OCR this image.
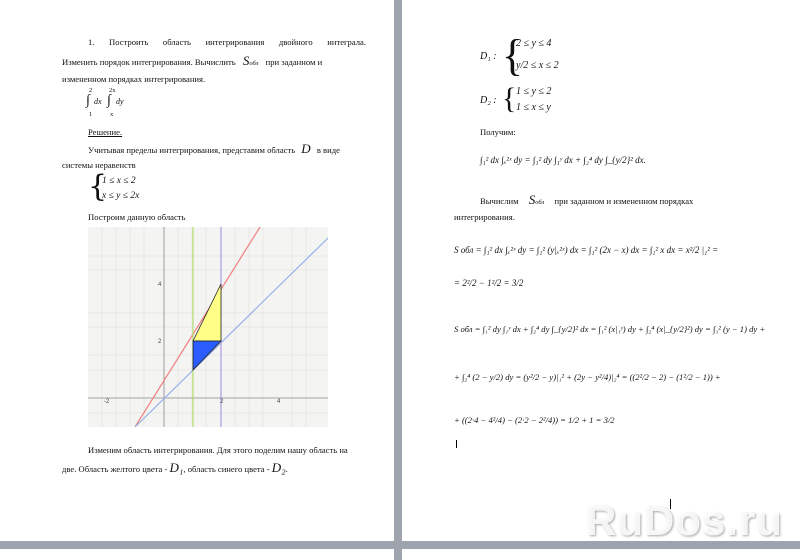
1. Построить область интегрирования двойного интеграла.
Изменить порядок интегрирования. Вычислить Sобл при заданном и
измененном порядках интегрирования.
2
∫
1
dx
2x
∫
x
dy
Решение.
Учитывая пределы интегрирования, представим область D в виде
системы неравенств
{
1 ≤ x ≤ 2
x ≤ y ≤ 2x
Построим данную область
-2	2	4
2
4
Изменим область интегрирования. Для этого поделим нашу область на
две. Область желтого цвета - D₁, область синего цвета - D₂.
D₁ : {
2 ≤ y ≤ 4
y/2 ≤ x ≤ 2
D₂ : { 1 ≤ y ≤ 2
1 ≤ x ≤ y
Получим:
∫₁² dx ∫ₓ²ˣ dy = ∫₁² dy ∫₁ʸ dx + ∫₂⁴ dy ∫_{y/2}² dx.
Вычислим Sобл при заданном и измененном порядках
интегрирования.
S обл = ∫₁² dx ∫ₓ²ˣ dy = ∫₁² (y|ₓ²ˣ) dx = ∫₁² (2x − x) dx = ∫₁² x dx = x²/2 |₁² =
= 2²/2 − 1²/2 = 3/2
S обл = ∫₁² dy ∫₁ʸ dx + ∫₂⁴ dy ∫_{y/2}² dx = ∫₁² (x|₁ʸ) dy + ∫₂⁴ (x|_{y/2}²) dy = ∫₁² (y − 1) dy +
+ ∫₂⁴ (2 − y/2) dy = (y²/2 − y)|₁² + (2y − y²/4)|₂⁴ = ((2²/2 − 2) − (1²/2 − 1)) +
+ ((2·4 − 4²/4) − (2·2 − 2²/4)) = 1/2 + 1 = 3/2
RuDos.ru
